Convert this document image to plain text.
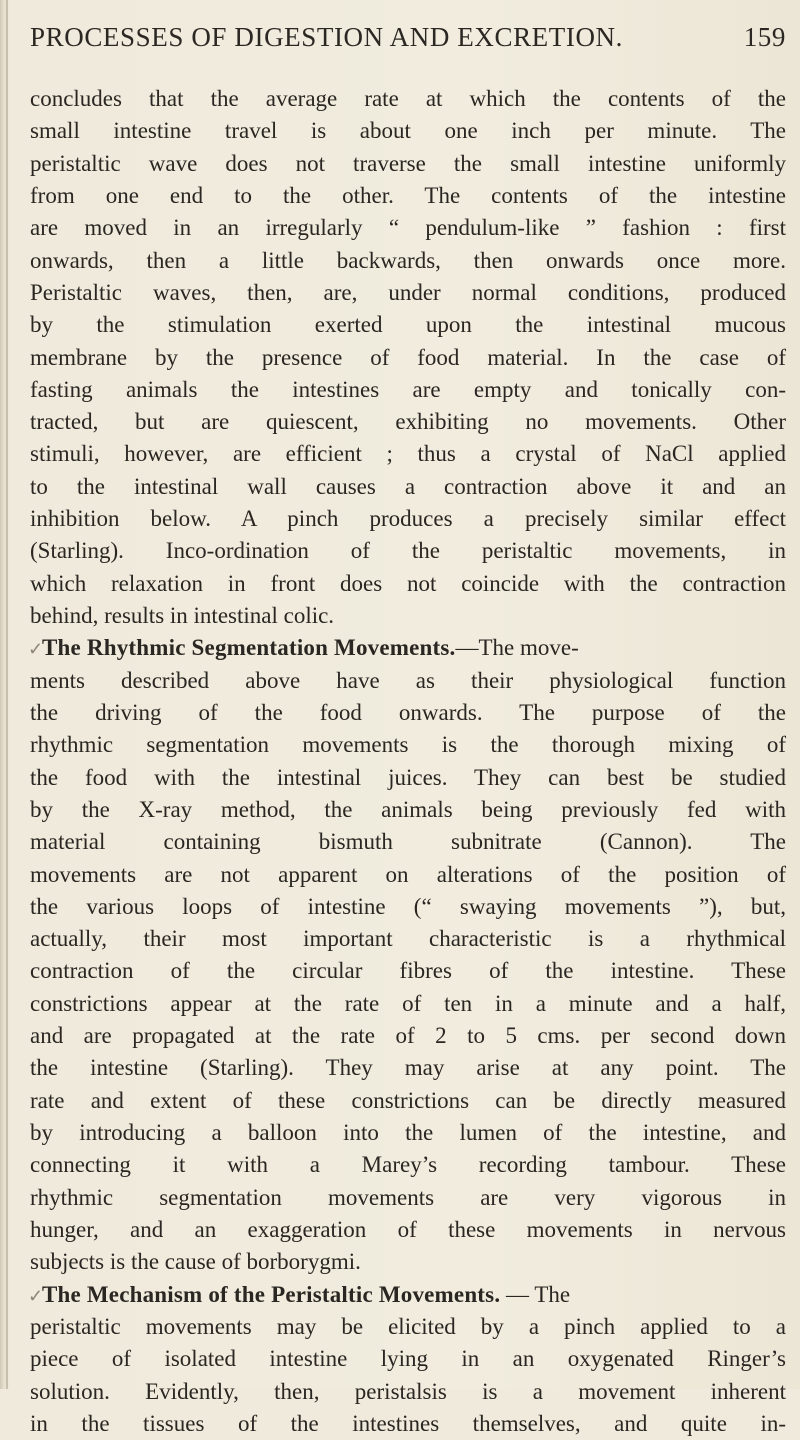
PROCESSES OF DIGESTION AND EXCRETION.	159
concludes that the average rate at which the contents of the
small intestine travel is about one inch per minute. The
peristaltic wave does not traverse the small intestine uniformly
from one end to the other. The contents of the intestine
are moved in an irregularly “ pendulum-like ” fashion : first
onwards, then a little backwards, then onwards once more.
Peristaltic waves, then, are, under normal conditions, produced
by the stimulation exerted upon the intestinal mucous
membrane by the presence of food material. In the case of
fasting animals the intestines are empty and tonically con-
tracted, but are quiescent, exhibiting no movements. Other
stimuli, however, are efficient ; thus a crystal of NaCl applied
to the intestinal wall causes a contraction above it and an
inhibition below. A pinch produces a precisely similar effect
(Starling). Inco-ordination of the peristaltic movements, in
which relaxation in front does not coincide with the contraction
behind, results in intestinal colic.
✓The Rhythmic Segmentation Movements.—The move-
ments described above have as their physiological function
the driving of the food onwards. The purpose of the
rhythmic segmentation movements is the thorough mixing of
the food with the intestinal juices. They can best be studied
by the X-ray method, the animals being previously fed with
material containing bismuth subnitrate (Cannon). The
movements are not apparent on alterations of the position of
the various loops of intestine (“ swaying movements ”), but,
actually, their most important characteristic is a rhythmical
contraction of the circular fibres of the intestine. These
constrictions appear at the rate of ten in a minute and a half,
and are propagated at the rate of 2 to 5 cms. per second down
the intestine (Starling). They may arise at any point. The
rate and extent of these constrictions can be directly measured
by introducing a balloon into the lumen of the intestine, and
connecting it with a Marey’s recording tambour. These
rhythmic segmentation movements are very vigorous in
hunger, and an exaggeration of these movements in nervous
subjects is the cause of borborygmi.
✓The Mechanism of the Peristaltic Movements. — The
peristaltic movements may be elicited by a pinch applied to a
piece of isolated intestine lying in an oxygenated Ringer’s
solution. Evidently, then, peristalsis is a movement inherent
in the tissues of the intestines themselves, and quite in-
